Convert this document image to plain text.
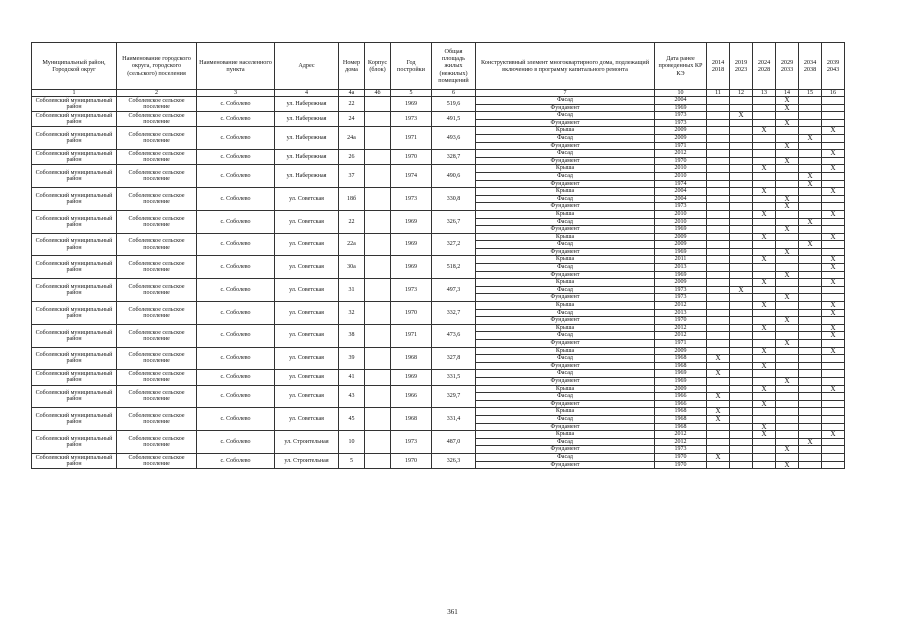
Муниципальный район, Городской округ	Наименование городского округа, городского (сельского) поселения	Наименование населенного пункта	Адрес	Номер дома	Корпус (блок)	Год постройки	Общая площадь жилых (нежилых) помещений	Конструктивный элемент многоквартирного дома, подлежащий включению в программу капитального ремонта	Дата ранее проведенных КР КЭ	2014 2018	2019 2023	2024 2028	2029 2033	2034 2038	2039 2043
1	2	3	4	4а	4б	5	6	7	10	11	12	13	14	15	16
Соболевский муниципальный район	Соболевское сельское поселение	с. Соболево	ул. Набережная	22		1969	519,6	Фасад	2004				X		
								Фундамент	1969				X		
Соболевский муниципальный район	Соболевское сельское поселение	с. Соболево	ул. Набережная	24		1973	491,5	Фасад	1973		X				
								Фундамент	1973				X		
Соболевский муниципальный район	Соболевское сельское поселение	с. Соболево	ул. Набережная	24а		1971	493,6	Крыша	2009			X			X
								Фасад	2009					X	
								Фундамент	1971				X		
Соболевский муниципальный район	Соболевское сельское поселение	с. Соболево	ул. Набережная	26		1970	328,7	Фасад	2012						X
								Фундамент	1970				X		
Соболевский муниципальный район	Соболевское сельское поселение	с. Соболево	ул. Набережная	37		1974	490,6	Крыша	2010			X			X
								Фасад	2010					X	
								Фундамент	1974					X	
Соболевский муниципальный район	Соболевское сельское поселение	с. Соболево	ул. Советская	18б		1973	330,8	Крыша	2004			X			X
								Фасад	2004				X		
								Фундамент	1973				X		
Соболевский муниципальный район	Соболевское сельское поселение	с. Соболево	ул. Советская	22		1969	326,7	Крыша	2010			X			X
								Фасад	2010					X	
								Фундамент	1969				X		
Соболевский муниципальный район	Соболевское сельское поселение	с. Соболево	ул. Советская	22а		1969	327,2	Крыша	2009			X			X
								Фасад	2009					X	
								Фундамент	1969				X		
Соболевский муниципальный район	Соболевское сельское поселение	с. Соболево	ул. Советская	30а		1969	518,2	Крыша	2011			X			X
								Фасад	2013						X
								Фундамент	1969				X		
Соболевский муниципальный район	Соболевское сельское поселение	с. Соболево	ул. Советская	31		1973	497,3	Крыша	2009			X			X
								Фасад	1973		X				
								Фундамент	1973				X		
Соболевский муниципальный район	Соболевское сельское поселение	с. Соболево	ул. Советская	32		1970	332,7	Крыша	2012			X			X
								Фасад	2013						X
								Фундамент	1970				X		
Соболевский муниципальный район	Соболевское сельское поселение	с. Соболево	ул. Советская	38		1971	473,6	Крыша	2012			X			X
								Фасад	2012						X
								Фундамент	1971				X		
Соболевский муниципальный район	Соболевское сельское поселение	с. Соболево	ул. Советская	39		1968	327,8	Крыша	2009			X			X
								Фасад	1968	X					
								Фундамент	1968			X			
Соболевский муниципальный район	Соболевское сельское поселение	с. Соболево	ул. Советская	41		1969	331,5	Фасад	1969	X					
								Фундамент	1969				X		
Соболевский муниципальный район	Соболевское сельское поселение	с. Соболево	ул. Советская	43		1966	329,7	Крыша	2009			X			X
								Фасад	1966	X					
								Фундамент	1966			X			
Соболевский муниципальный район	Соболевское сельское поселение	с. Соболево	ул. Советская	45		1968	331,4	Крыша	1968	X					
								Фасад	1968	X					
								Фундамент	1968			X			
Соболевский муниципальный район	Соболевское сельское поселение	с. Соболево	ул. Строительная	10		1973	487,0	Крыша	2012			X			X
								Фасад	2012					X	
								Фундамент	1973				X		
Соболевский муниципальный район	Соболевское сельское поселение	с. Соболево	ул. Строительная	5		1970	326,3	Фасад	1970	X					
								Фундамент	1970				X		
361
